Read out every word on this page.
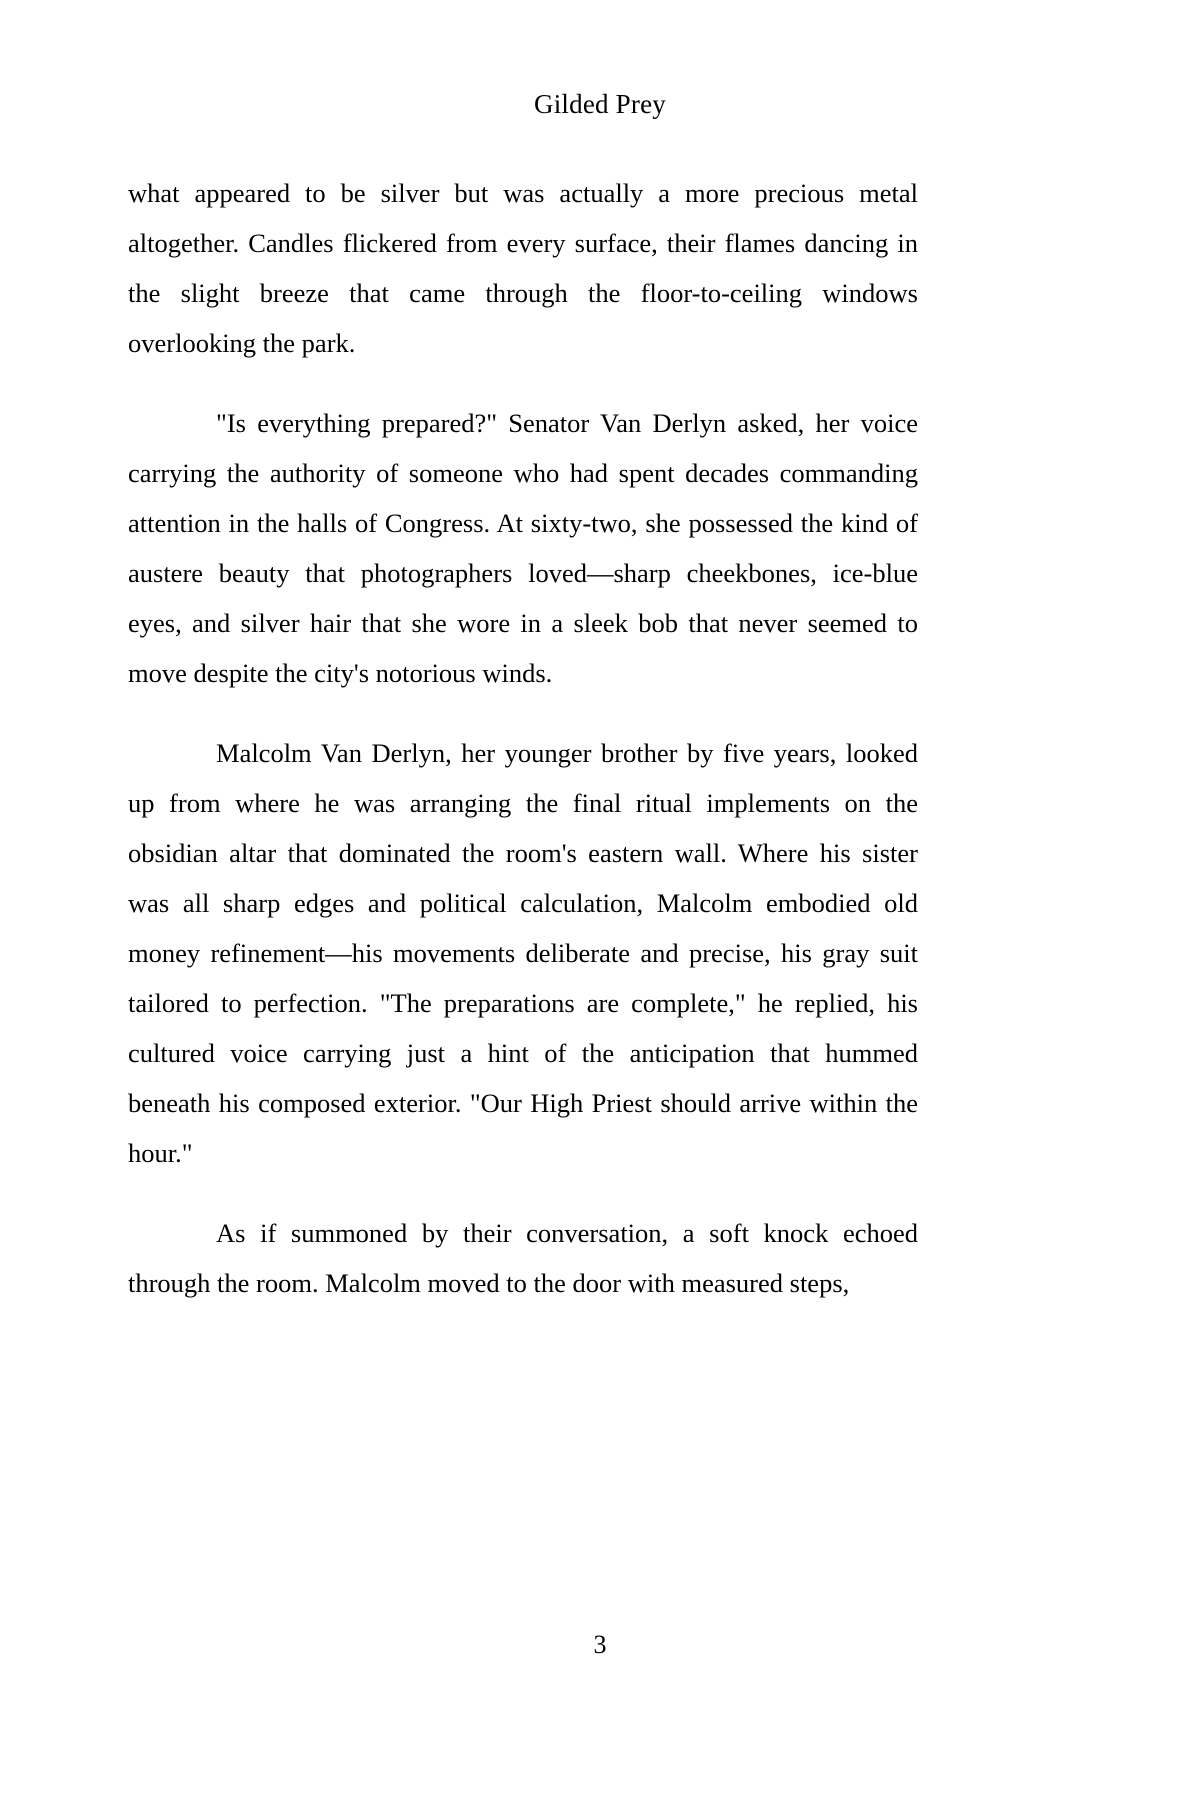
Gilded Prey

what appeared to be silver but was actually a more precious metal altogether. Candles flickered from every surface, their flames dancing in the slight breeze that came through the floor-to-ceiling windows overlooking the park.

"Is everything prepared?" Senator Van Derlyn asked, her voice carrying the authority of someone who had spent decades commanding attention in the halls of Congress. At sixty-two, she possessed the kind of austere beauty that photographers loved—sharp cheekbones, ice-blue eyes, and silver hair that she wore in a sleek bob that never seemed to move despite the city's notorious winds.

Malcolm Van Derlyn, her younger brother by five years, looked up from where he was arranging the final ritual implements on the obsidian altar that dominated the room's eastern wall. Where his sister was all sharp edges and political calculation, Malcolm embodied old money refinement—his movements deliberate and precise, his gray suit tailored to perfection. "The preparations are complete," he replied, his cultured voice carrying just a hint of the anticipation that hummed beneath his composed exterior. "Our High Priest should arrive within the hour."

As if summoned by their conversation, a soft knock echoed through the room. Malcolm moved to the door with measured steps,

3
